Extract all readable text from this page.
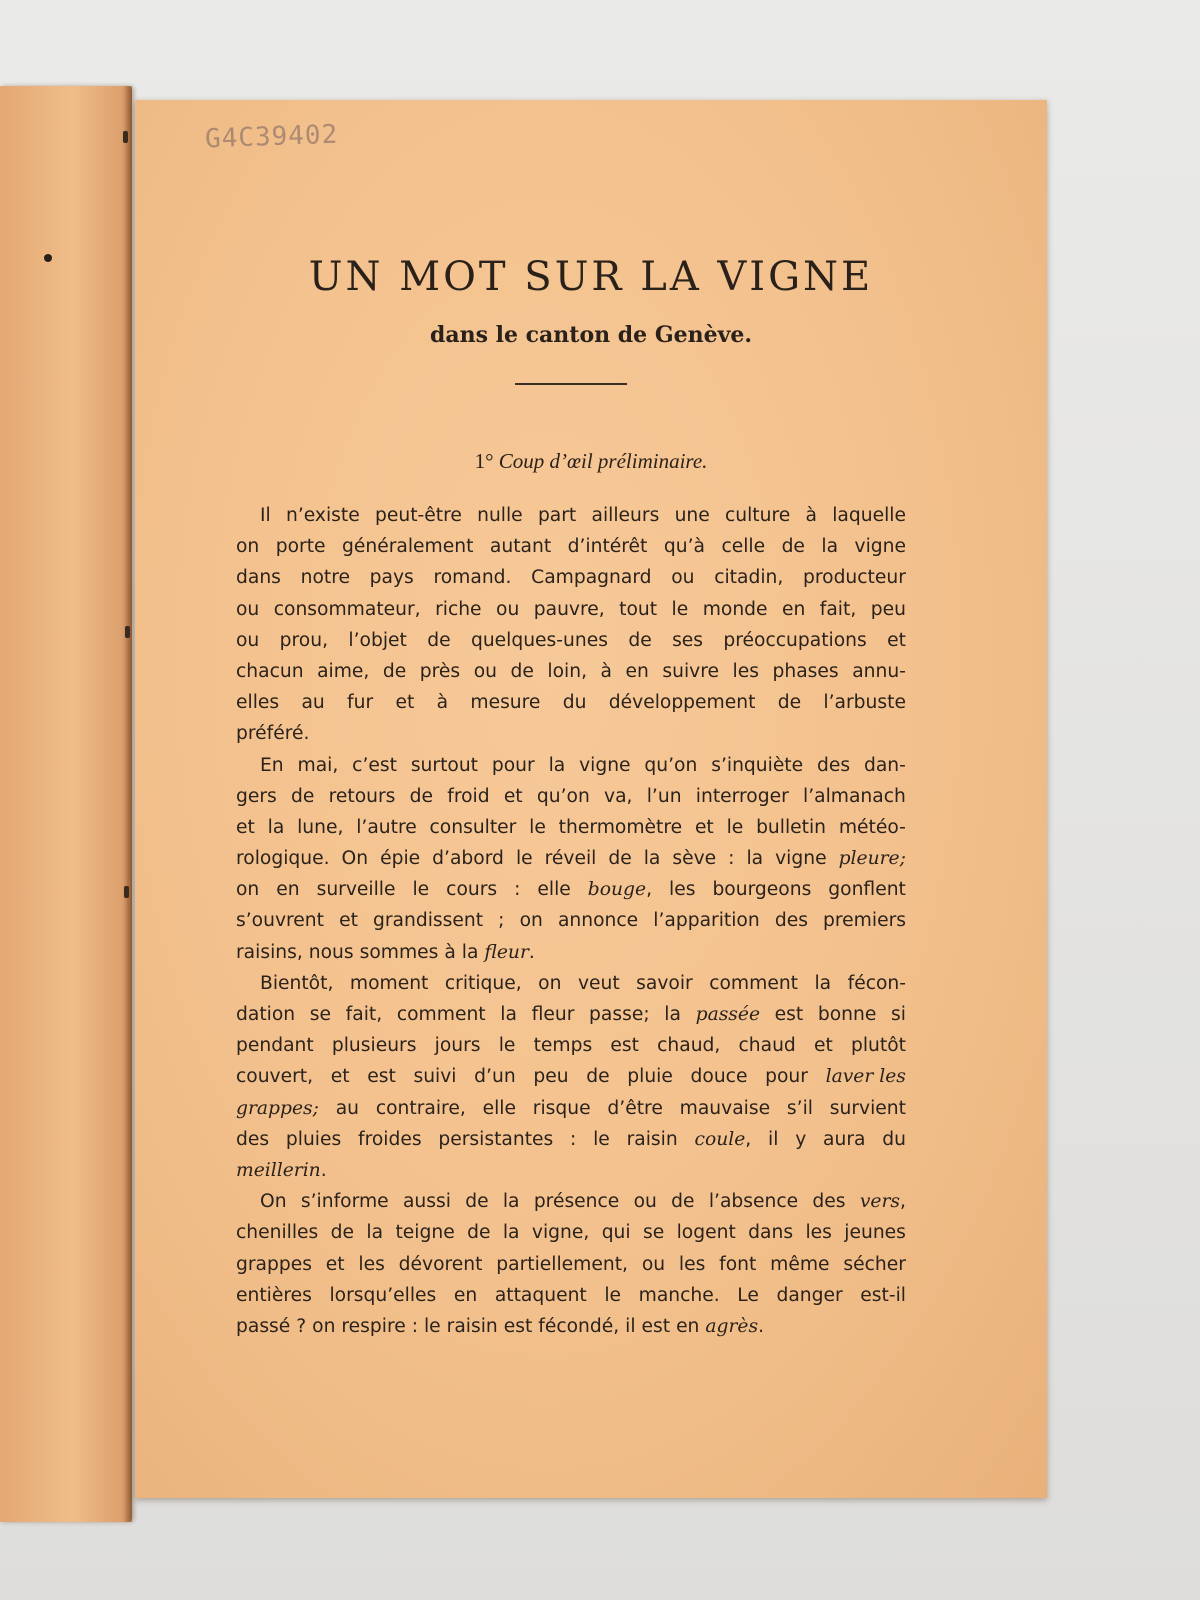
G4C39402
UN MOT SUR LA VIGNE
dans le canton de Genève.

1° Coup d’œil préliminaire.

Il n’existe peut-être nulle part ailleurs une culture à laquelle
on porte généralement autant d’intérêt qu’à celle de la vigne
dans notre pays romand. Campagnard ou citadin, producteur
ou consommateur, riche ou pauvre, tout le monde en fait, peu
ou prou, l’objet de quelques-unes de ses préoccupations et
chacun aime, de près ou de loin, à en suivre les phases annu-
elles au fur et à mesure du développement de l’arbuste
préféré.
En mai, c’est surtout pour la vigne qu’on s’inquiète des dan-
gers de retours de froid et qu’on va, l’un interroger l’almanach
et la lune, l’autre consulter le thermomètre et le bulletin météo-
rologique. On épie d’abord le réveil de la sève : la vigne pleure;
on en surveille le cours : elle bouge, les bourgeons gonflent
s’ouvrent et grandissent ; on annonce l’apparition des premiers
raisins, nous sommes à la fleur.
Bientôt, moment critique, on veut savoir comment la fécon-
dation se fait, comment la fleur passe; la passée est bonne si
pendant plusieurs jours le temps est chaud, chaud et plutôt
couvert, et est suivi d’un peu de pluie douce pour laver les
grappes; au contraire, elle risque d’être mauvaise s’il survient
des pluies froides persistantes : le raisin coule, il y aura du
meillerin.
On s’informe aussi de la présence ou de l’absence des vers,
chenilles de la teigne de la vigne, qui se logent dans les jeunes
grappes et les dévorent partiellement, ou les font même sécher
entières lorsqu’elles en attaquent le manche. Le danger est-il
passé ? on respire : le raisin est fécondé, il est en agrès.
